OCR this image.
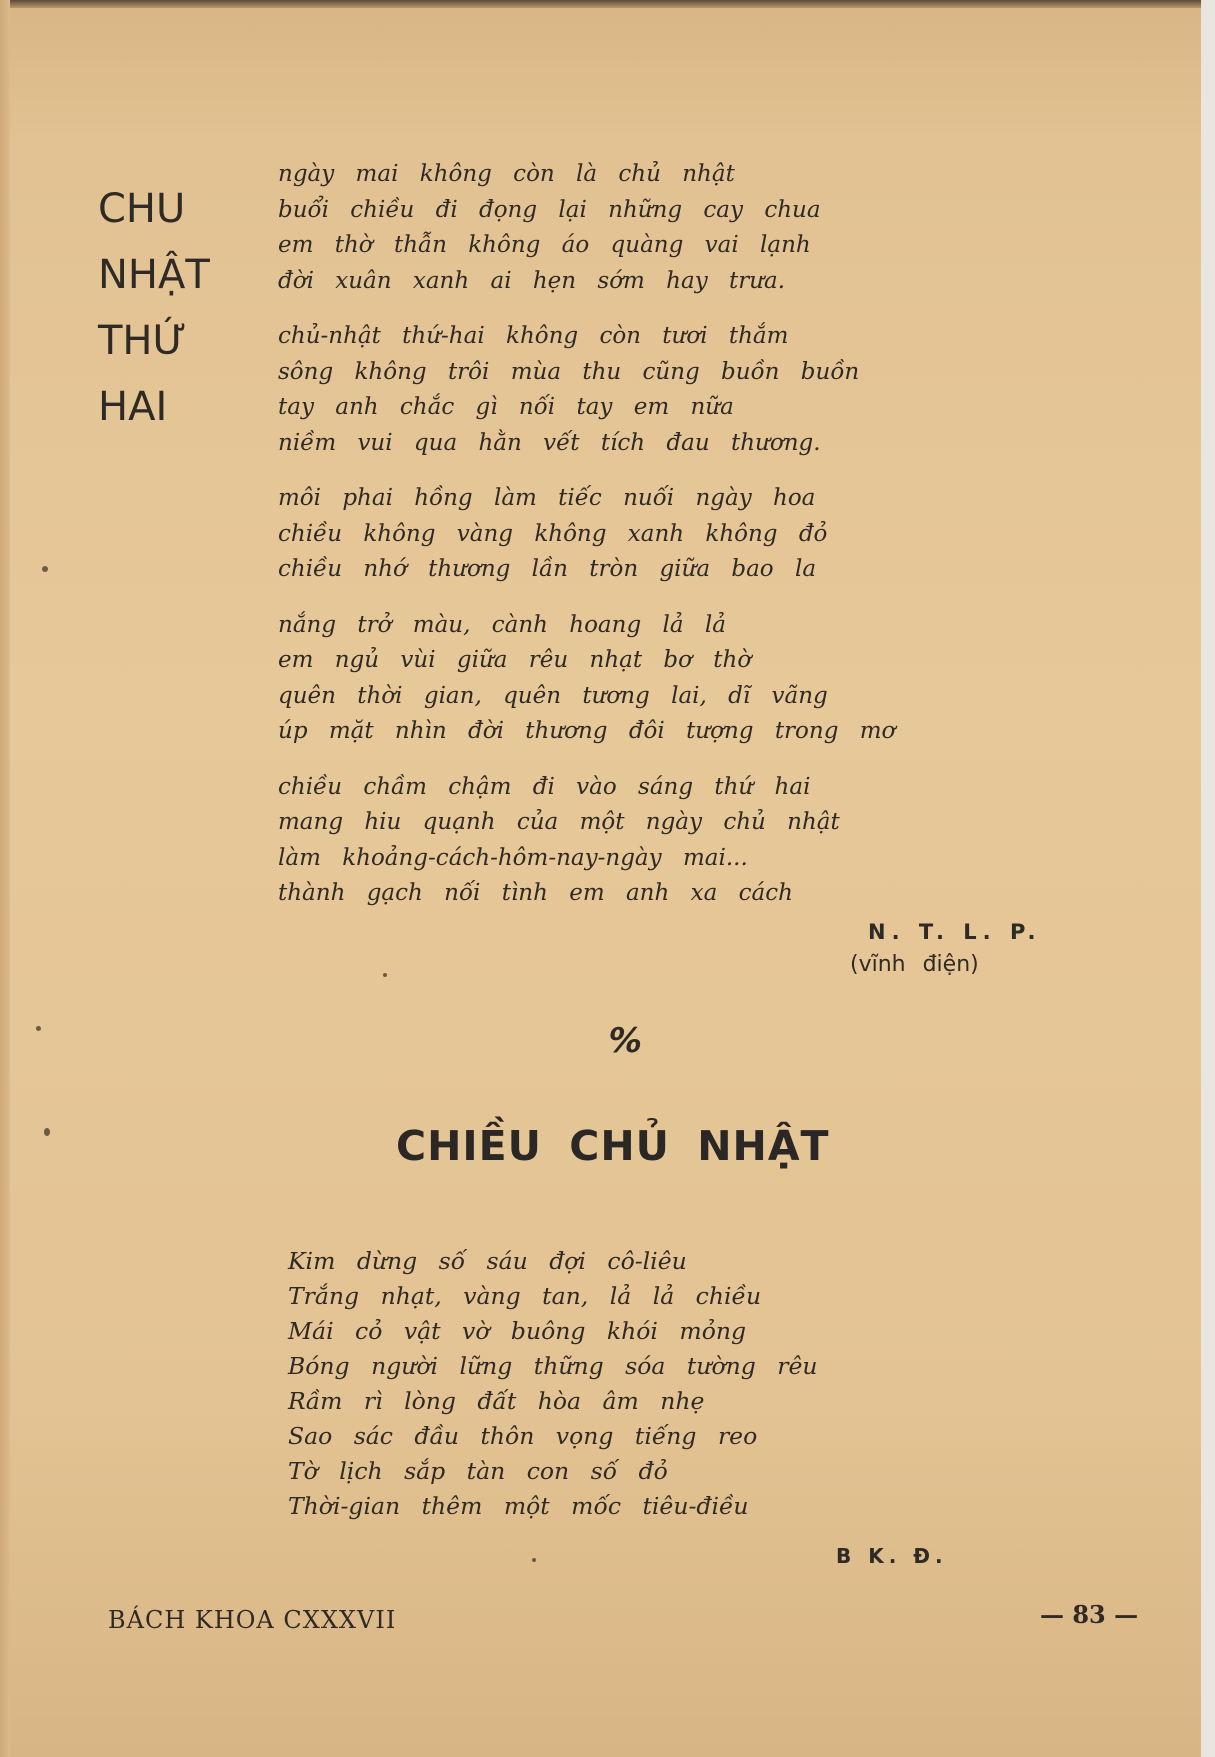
CHU
NHẬT
THỨ
HAI
ngày mai không còn là chủ nhật
buổi chiều đi đọng lại những cay chua
em thờ thẫn không áo quàng vai lạnh
đời xuân xanh ai hẹn sớm hay trưa.
chủ-nhật thứ-hai không còn tươi thắm
sông không trôi mùa thu cũng buồn buồn
tay anh chắc gì nối tay em nữa
niềm vui qua hằn vết tích đau thương.
môi phai hồng làm tiếc nuối ngày hoa
chiều không vàng không xanh không đỏ
chiều nhớ thương lần tròn giữa bao la
nắng trở màu, cành hoang lả lả
em ngủ vùi giữa rêu nhạt bơ thờ
quên thời gian, quên tương lai, dĩ vãng
úp mặt nhìn đời thương đôi tượng trong mơ
chiều chầm chậm đi vào sáng thứ hai
mang hiu quạnh của một ngày chủ nhật
làm khoảng-cách-hôm-nay-ngày mai...
thành gạch nối tình em anh xa cách
N. T. L. P.
(vĩnh điện)
%
CHIỀU CHỦ NHẬT
Kim dừng số sáu đợi cô-liêu
Trắng nhạt, vàng tan, lả lả chiều
Mái cỏ vật vờ buông khói mỏng
Bóng người lững thững sóa tường rêu
Rầm rì lòng đất hòa âm nhẹ
Sao sác đầu thôn vọng tiếng reo
Tờ lịch sắp tàn con số đỏ
Thời-gian thêm một mốc tiêu-điều
B K. Đ.
BÁCH KHOA CXXXVII	— 83 —
